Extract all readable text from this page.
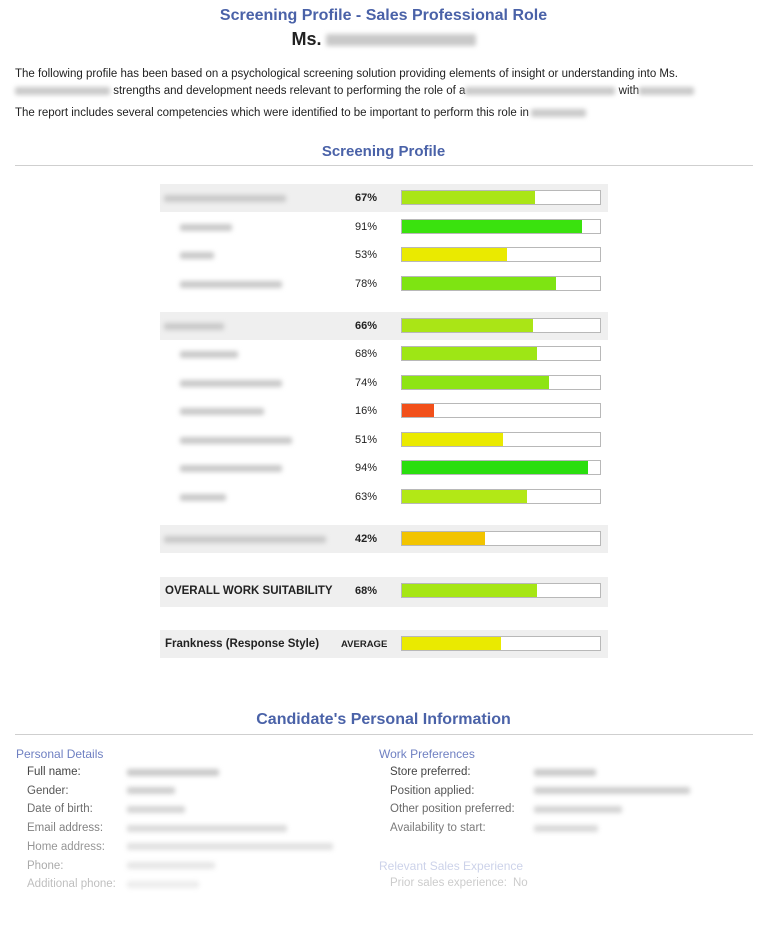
Screening Profile - Sales Professional Role
Ms.
The following profile has been based on a psychological screening solution providing elements of insight or understanding into Ms.
strengths and development needs relevant to performing the role of a	with
The report includes several competencies which were identified to be important to perform this role in
Screening Profile
67%
91%
53%
78%
66%
68%
74%
16%
51%
94%
63%
42%
OVERALL WORK SUITABILITY 68%
Frankness (Response Style) AVERAGE
Candidate's Personal Information
Personal Details
Full name:
Gender:
Date of birth:
Email address:
Home address:
Phone:
Additional phone:
Work Preferences
Store preferred:
Position applied:
Other position preferred:
Availability to start:
Relevant Sales Experience
Prior sales experience: No
